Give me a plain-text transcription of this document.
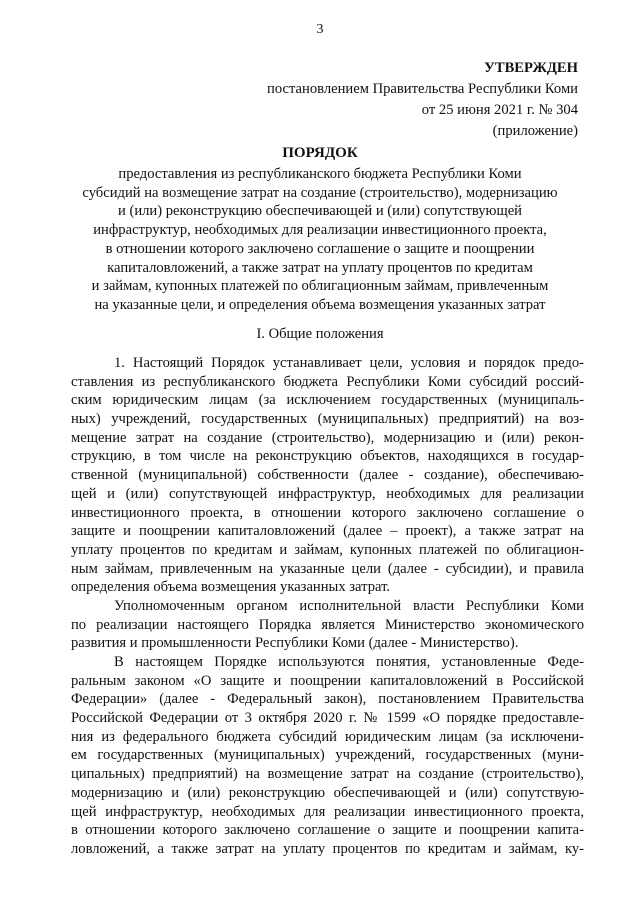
3
УТВЕРЖДЕН
постановлением Правительства Республики Коми
от 25 июня 2021 г. № 304
(приложение)
ПОРЯДОК
предоставления из республиканского бюджета Республики Коми
субсидий на возмещение затрат на создание (строительство), модернизацию
и (или) реконструкцию обеспечивающей и (или) сопутствующей
инфраструктур, необходимых для реализации инвестиционного проекта,
в отношении которого заключено соглашение о защите и поощрении
капиталовложений, а также затрат на уплату процентов по кредитам
и займам, купонных платежей по облигационным займам, привлеченным
на указанные цели, и определения объема возмещения указанных затрат
I. Общие положения
1. Настоящий Порядок устанавливает цели, условия и порядок предо-
ставления из республиканского бюджета Республики Коми субсидий россий-
ским юридическим лицам (за исключением государственных (муниципаль-
ных) учреждений, государственных (муниципальных) предприятий) на воз-
мещение затрат на создание (строительство), модернизацию и (или) рекон-
струкцию, в том числе на реконструкцию объектов, находящихся в государ-
ственной (муниципальной) собственности (далее - создание), обеспечиваю-
щей и (или) сопутствующей инфраструктур, необходимых для реализации
инвестиционного проекта, в отношении которого заключено соглашение о
защите и поощрении капиталовложений (далее – проект), а также затрат на
уплату процентов по кредитам и займам, купонных платежей по облигацион-
ным займам, привлеченным на указанные цели (далее - субсидии), и правила
определения объема возмещения указанных затрат.
Уполномоченным органом исполнительной власти Республики Коми
по реализации настоящего Порядка является Министерство экономического
развития и промышленности Республики Коми (далее - Министерство).
В настоящем Порядке используются понятия, установленные Феде-
ральным законом «О защите и поощрении капиталовложений в Российской
Федерации» (далее - Федеральный закон), постановлением Правительства
Российской Федерации от 3 октября 2020 г. № 1599 «О порядке предоставле-
ния из федерального бюджета субсидий юридическим лицам (за исключени-
ем государственных (муниципальных) учреждений, государственных (муни-
ципальных) предприятий) на возмещение затрат на создание (строительство),
модернизацию и (или) реконструкцию обеспечивающей и (или) сопутствую-
щей инфраструктур, необходимых для реализации инвестиционного проекта,
в отношении которого заключено соглашение о защите и поощрении капита-
ловложений, а также затрат на уплату процентов по кредитам и займам, ку-
